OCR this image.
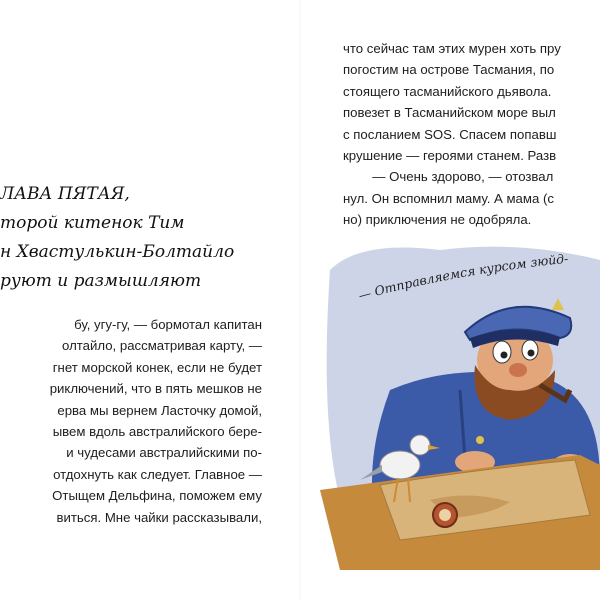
ЛАВА ПЯТАЯ,
торой китенок Тим
н Хвастулькин-Болтайло
руют и размышляют

бу, угу-гу, — бормотал капитан
олтайло, рассматривая карту, —
гнет морской конек, если не будет
риключений, что в пять мешков не
ерва мы вернем Ласточку домой,
ывем вдоль австралийского бере-
и чудесами австралийскими по-
отдохнуть как следует. Главное —
Отыщем Дельфина, поможем ему
виться. Мне чайки рассказывали,

что сейчас там этих мурен хоть пру
погостим на острове Тасмания, по
стоящего тасманийского дьявола.
повезет в Тасманийском море выл
с посланием SOS. Спасем попавш
крушение — героями станем. Разв
— Очень здорово, — отозвал
нул. Он вспомнил маму. А мама (с
но) приключения не одобряла.

— Отправляемся курсом зюйд-
